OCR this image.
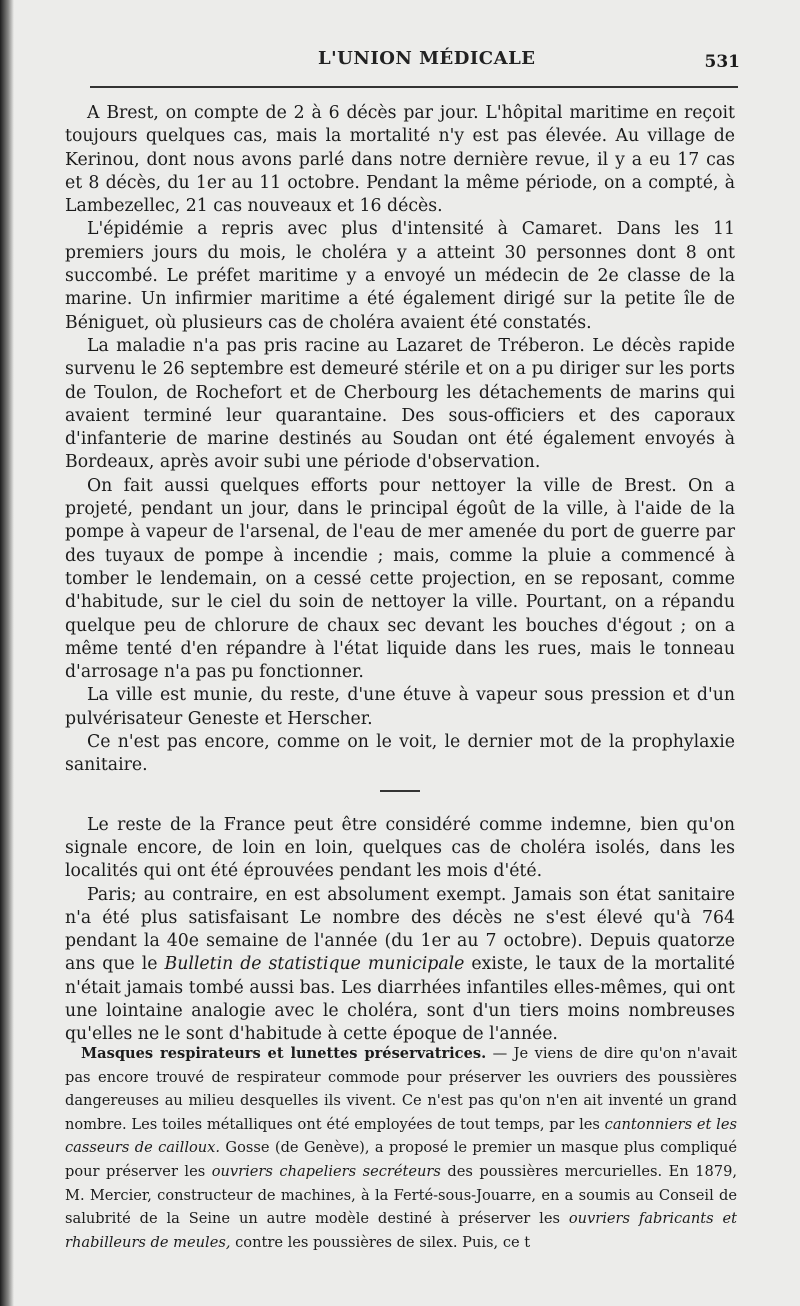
L'UNION MÉDICALE	531

A Brest, on compte de 2 à 6 décès par jour. L'hôpital maritime en reçoit toujours quelques cas, mais la mortalité n'y est pas élevée. Au village de Kerinou, dont nous avons parlé dans notre dernière revue, il y a eu 17 cas et 8 décès, du 1er au 11 octobre. Pendant la même période, on a compté, à Lambezellec, 21 cas nouveaux et 16 décès.

L'épidémie a repris avec plus d'intensité à Camaret. Dans les 11 premiers jours du mois, le choléra y a atteint 30 personnes dont 8 ont succombé. Le préfet maritime y a envoyé un médecin de 2e classe de la marine. Un infirmier maritime a été également dirigé sur la petite île de Béniguet, où plusieurs cas de choléra avaient été constatés.

La maladie n'a pas pris racine au Lazaret de Tréberon. Le décès rapide survenu le 26 septembre est demeuré stérile et on a pu diriger sur les ports de Toulon, de Rochefort et de Cherbourg les détachements de marins qui avaient terminé leur quarantaine. Des sous-officiers et des caporaux d'infanterie de marine destinés au Soudan ont été également envoyés à Bordeaux, après avoir subi une période d'observation.

On fait aussi quelques efforts pour nettoyer la ville de Brest. On a projeté, pendant un jour, dans le principal égoût de la ville, à l'aide de la pompe à vapeur de l'arsenal, de l'eau de mer amenée du port de guerre par des tuyaux de pompe à incendie ; mais, comme la pluie a commencé à tomber le lendemain, on a cessé cette projection, en se reposant, comme d'habitude, sur le ciel du soin de nettoyer la ville. Pourtant, on a répandu quelque peu de chlorure de chaux sec devant les bouches d'égout ; on a même tenté d'en répandre à l'état liquide dans les rues, mais le tonneau d'arrosage n'a pas pu fonctionner.

La ville est munie, du reste, d'une étuve à vapeur sous pression et d'un pulvérisateur Geneste et Herscher.

Ce n'est pas encore, comme on le voit, le dernier mot de la prophylaxie sanitaire.

Le reste de la France peut être considéré comme indemne, bien qu'on signale encore, de loin en loin, quelques cas de choléra isolés, dans les localités qui ont été éprouvées pendant les mois d'été.

Paris; au contraire, en est absolument exempt. Jamais son état sanitaire n'a été plus satisfaisant Le nombre des décès ne s'est élevé qu'à 764 pendant la 40e semaine de l'année (du 1er au 7 octobre). Depuis quatorze ans que le Bulletin de statistique municipale existe, le taux de la mortalité n'était jamais tombé aussi bas. Les diarrhées infantiles elles-mêmes, qui ont une lointaine analogie avec le choléra, sont d'un tiers moins nombreuses qu'elles ne le sont d'habitude à cette époque de l'année.

Masques respirateurs et lunettes préservatrices. — Je viens de dire qu'on n'avait pas encore trouvé de respirateur commode pour préserver les ouvriers des poussières dangereuses au milieu desquelles ils vivent. Ce n'est pas qu'on n'en ait inventé un grand nombre. Les toiles métalliques ont été employées de tout temps, par les cantonniers et les casseurs de cailloux. Gosse (de Genève), a proposé le premier un masque plus compliqué pour préserver les ouvriers chapeliers secréteurs des poussières mercurielles. En 1879, M. Mercier, constructeur de machines, à la Ferté-sous-Jouarre, en a soumis au Conseil de salubrité de la Seine un autre modèle destiné à préserver les ouvriers fabricants et rhabilleurs de meules, contre les poussières de silex. Puis, ce t
